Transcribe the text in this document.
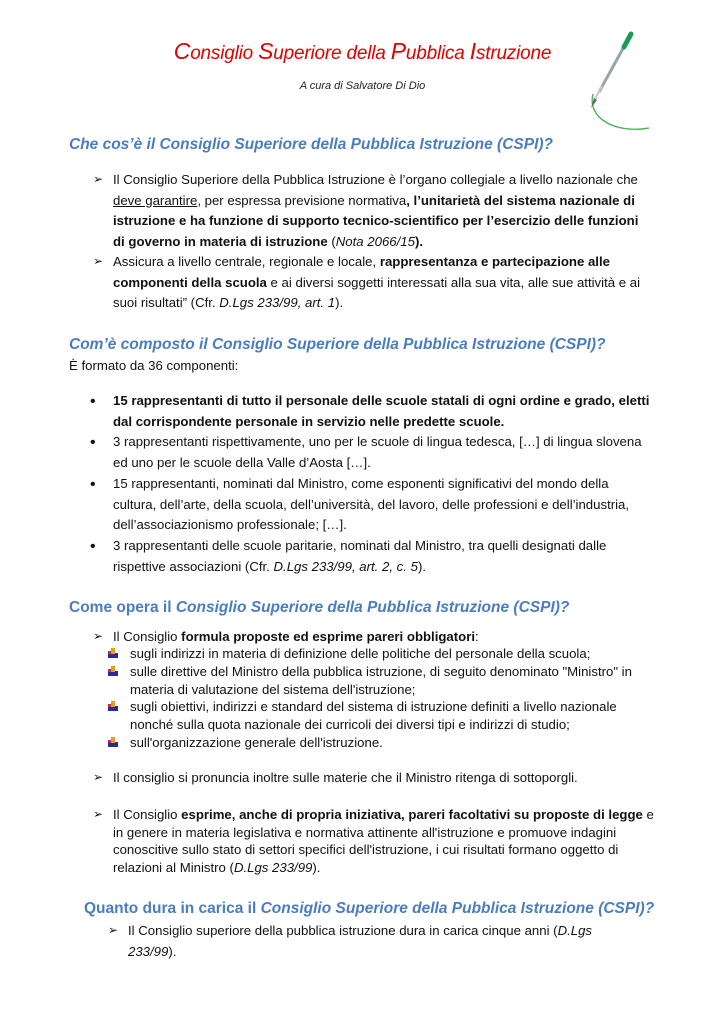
Consiglio Superiore della Pubblica Istruzione
A cura di Salvatore Di Dio
Che cos’è il Consiglio Superiore della Pubblica Istruzione (CSPI)?
➢ Il Consiglio Superiore della Pubblica Istruzione è l’organo collegiale a livello nazionale che deve garantire, per espressa previsione normativa, l’unitarietà del sistema nazionale di istruzione e ha funzione di supporto tecnico-scientifico per l’esercizio delle funzioni di governo in materia di istruzione (Nota 2066/15).

➢ Assicura a livello centrale, regionale e locale, rappresentanza e partecipazione alle componenti della scuola e ai diversi soggetti interessati alla sua vita, alle sue attività e ai suoi risultati” (Cfr. D.Lgs 233/99, art. 1).

Com’è composto il Consiglio Superiore della Pubblica Istruzione (CSPI)?

È formato da 36 componenti:

• 15 rappresentanti di tutto il personale delle scuole statali di ogni ordine e grado, eletti dal corrispondente personale in servizio nelle predette scuole.

• 3 rappresentanti rispettivamente, uno per le scuole di lingua tedesca, […] di lingua slovena ed uno per le scuole della Valle d’Aosta […].

• 15 rappresentanti, nominati dal Ministro, come esponenti significativi del mondo della cultura, dell’arte, della scuola, dell’università, del lavoro, delle professioni e dell’industria, dell’associazionismo professionale; […].

• 3 rappresentanti delle scuole paritarie, nominati dal Ministro, tra quelli designati dalle rispettive associazioni (Cfr. D.Lgs 233/99, art. 2, c. 5).

Come opera il Consiglio Superiore della Pubblica Istruzione (CSPI)?
➢ Il Consiglio formula proposte ed esprime pareri obbligatori:

sugli indirizzi in materia di definizione delle politiche del personale della scuola;

sulle direttive del Ministro della pubblica istruzione, di seguito denominato "Ministro" in materia di valutazione del sistema dell'istruzione;

sugli obiettivi, indirizzi e standard del sistema di istruzione definiti a livello nazionale nonché sulla quota nazionale dei curricoli dei diversi tipi e indirizzi di studio;

sull'organizzazione generale dell'istruzione.

➢ Il consiglio si pronuncia inoltre sulle materie che il Ministro ritenga di sottoporgli.

➢ Il Consiglio esprime, anche di propria iniziativa, pareri facoltativi su proposte di legge e in genere in materia legislativa e normativa attinente all'istruzione e promuove indagini conoscitive sullo stato di settori specifici dell'istruzione, i cui risultati formano oggetto di relazioni al Ministro (D.Lgs 233/99).

Quanto dura in carica il Consiglio Superiore della Pubblica Istruzione (CSPI)?
➢ Il Consiglio superiore della pubblica istruzione dura in carica cinque anni (D.Lgs 233/99).
